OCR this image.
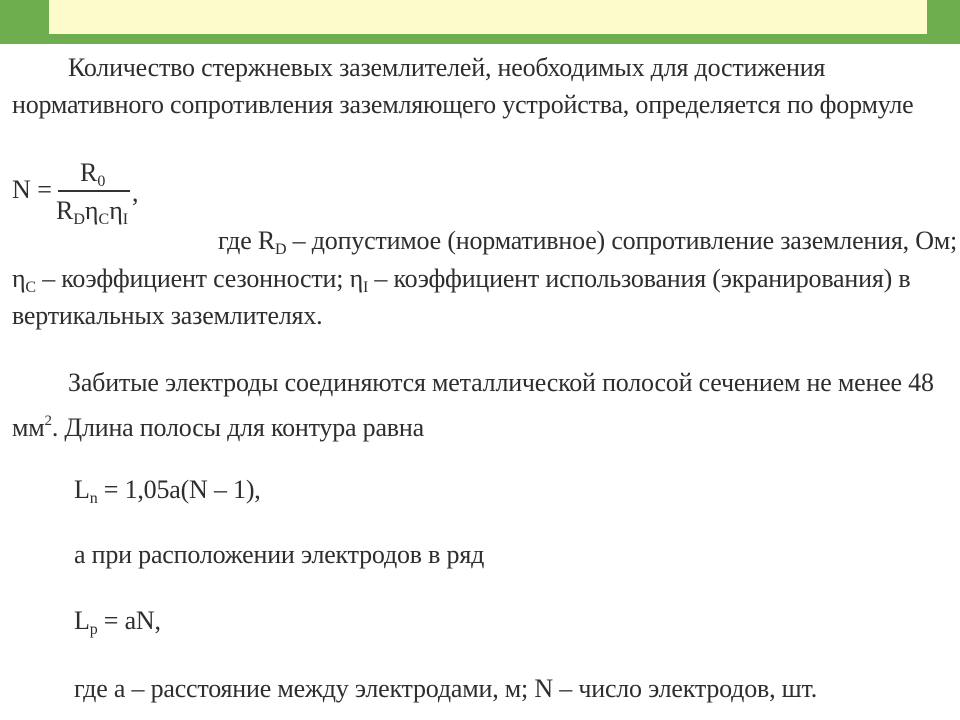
Количество стержневых заземлителей, необходимых для достижения
нормативного сопротивления заземляющего устройства, определяется по формуле
N =
$R_0$
$R_D\eta_C\eta_I$
,
где $R_D$ – допустимое (нормативное) сопротивление заземления, Ом;
$\eta_C$ – коэффициент сезонности; $\eta_I$ – коэффициент использования (экранирования) в
вертикальных заземлителях.
Забитые электроды соединяются металлической полосой сечением не менее 48
$мм^2$. Длина полосы для контура равна
$L_n = 1,05a(N - 1)$,
а при расположении электродов в ряд
$L_p$ = aN,
где а – расстояние между электродами, м; N – число электродов, шт.
